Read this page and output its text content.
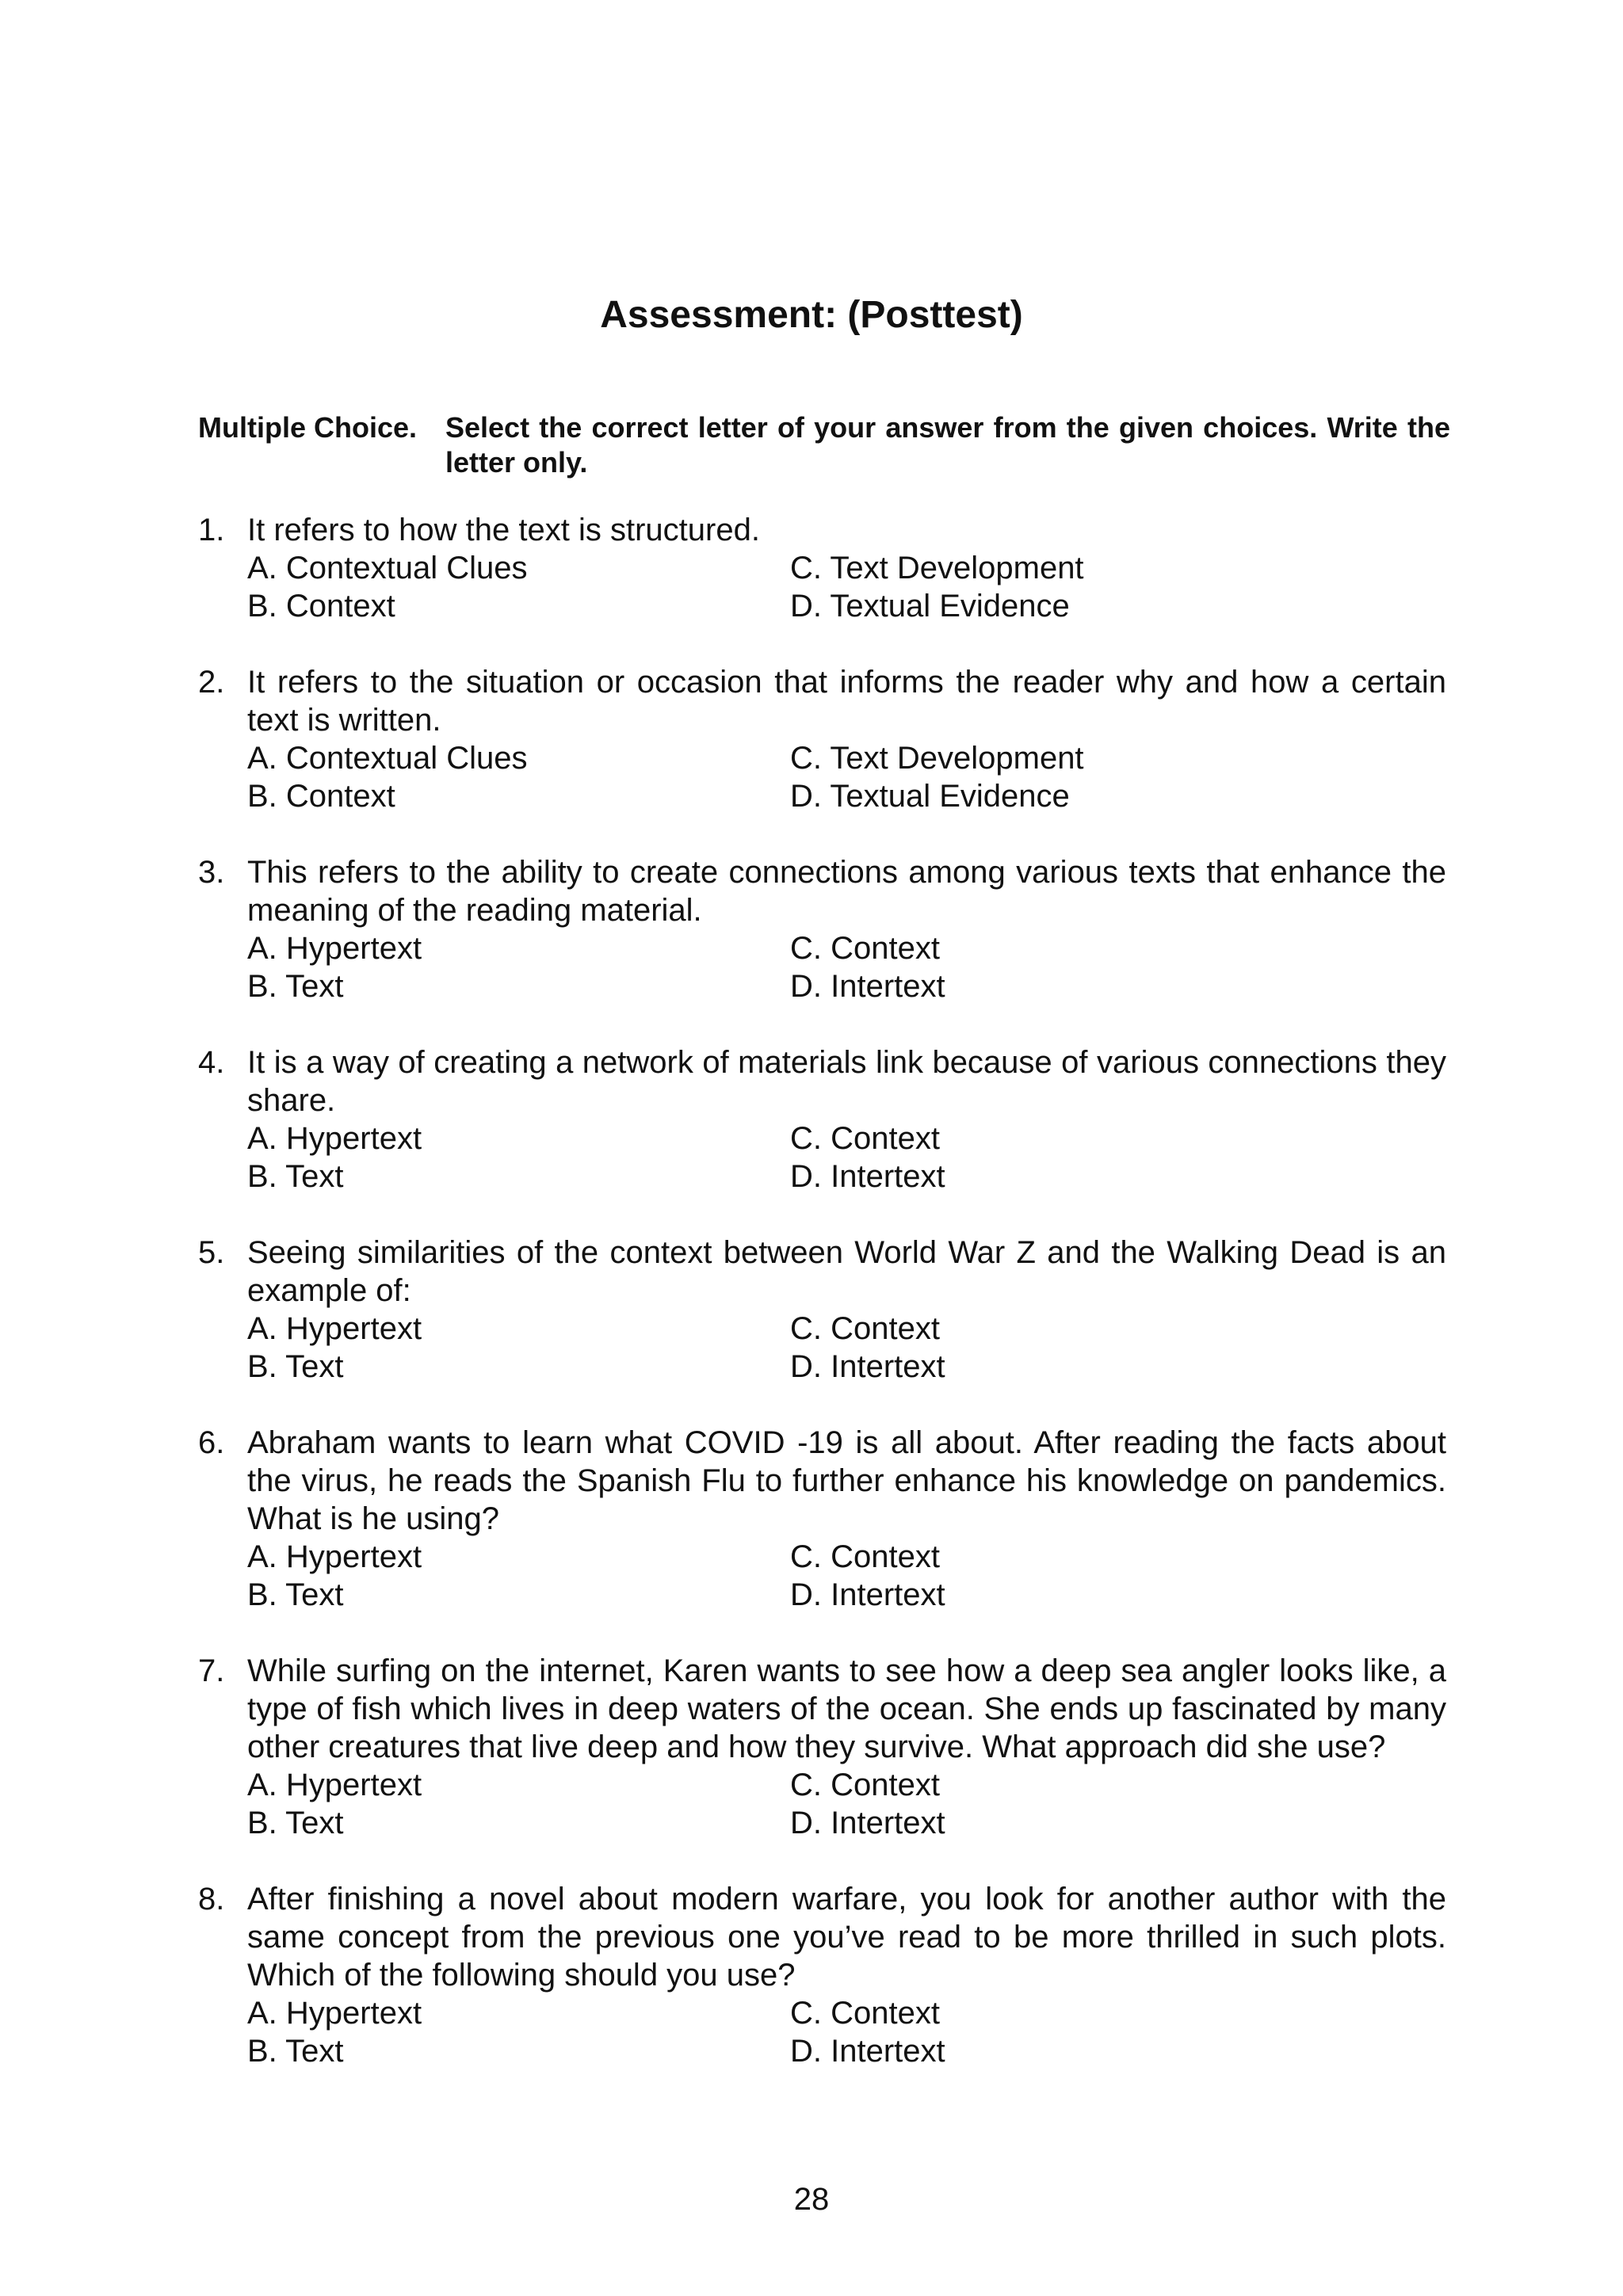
Assessment: (Posttest)
Multiple Choice. Select the correct letter of your answer from the given choices. Write the letter only.
1. It refers to how the text is structured.
A. Contextual Clues	C. Text Development
B. Context	D. Textual Evidence
2. It refers to the situation or occasion that informs the reader why and how a certain text is written.
A. Contextual Clues	C. Text Development
B. Context	D. Textual Evidence
3. This refers to the ability to create connections among various texts that enhance the meaning of the reading material.
A. Hypertext	C. Context
B. Text	D. Intertext
4. It is a way of creating a network of materials link because of various connections they share.
A. Hypertext	C. Context
B. Text	D. Intertext
5. Seeing similarities of the context between World War Z and the Walking Dead is an example of:
A. Hypertext	C. Context
B. Text	D. Intertext
6. Abraham wants to learn what COVID -19 is all about. After reading the facts about the virus, he reads the Spanish Flu to further enhance his knowledge on pandemics. What is he using?
A. Hypertext	C. Context
B. Text	D. Intertext
7. While surfing on the internet, Karen wants to see how a deep sea angler looks like, a type of fish which lives in deep waters of the ocean. She ends up fascinated by many other creatures that live deep and how they survive. What approach did she use?
A. Hypertext	C. Context
B. Text	D. Intertext
8. After finishing a novel about modern warfare, you look for another author with the same concept from the previous one you’ve read to be more thrilled in such plots. Which of the following should you use?
A. Hypertext	C. Context
B. Text	D. Intertext
28
